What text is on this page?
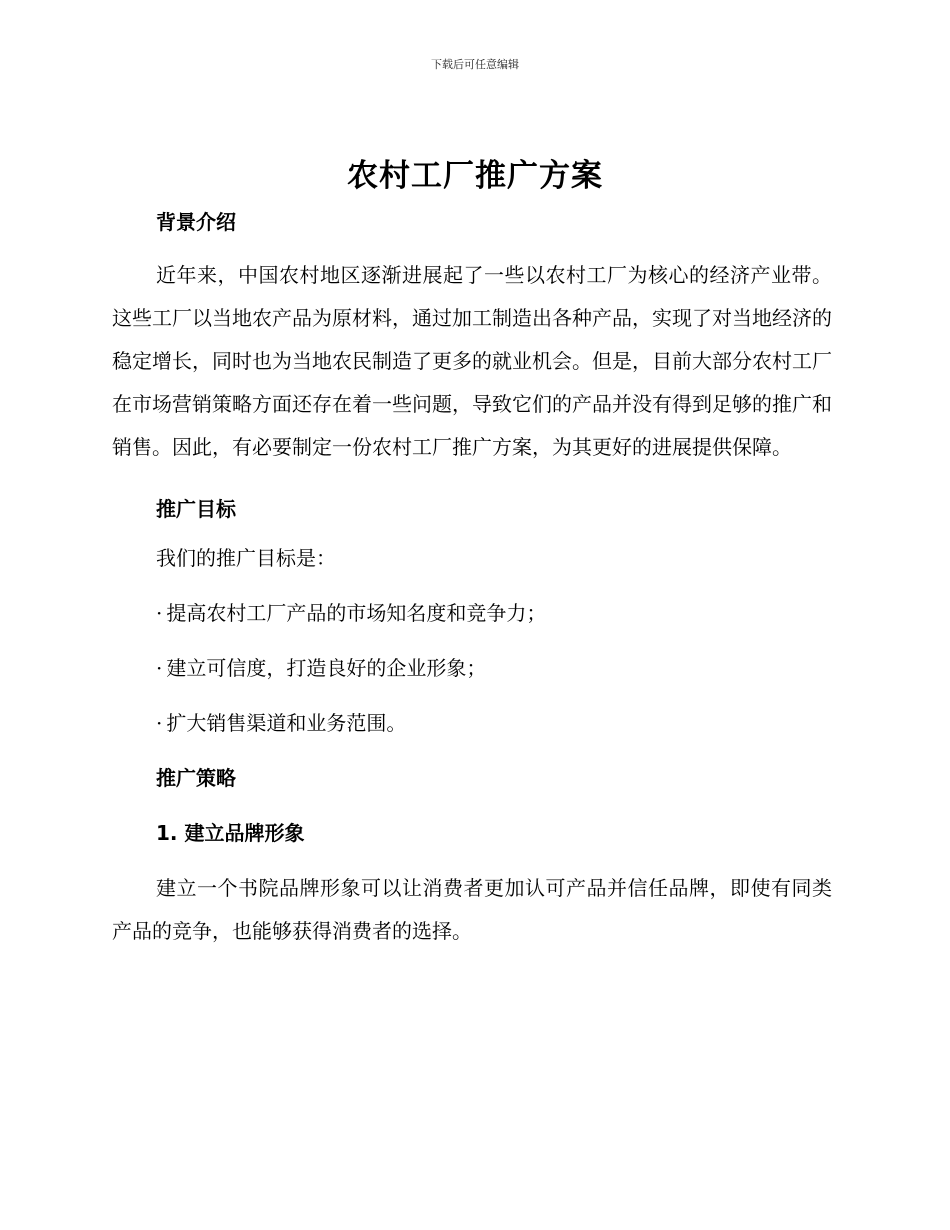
下载后可任意编辑
农村工厂推广方案
背景介绍

近年来，中国农村地区逐渐进展起了一些以农村工厂为核心的经济产业带。这些工厂以当地农产品为原材料，通过加工制造出各种产品，实现了对当地经济的稳定增长，同时也为当地农民制造了更多的就业机会。但是，目前大部分农村工厂在市场营销策略方面还存在着一些问题，导致它们的产品并没有得到足够的推广和销售。因此，有必要制定一份农村工厂推广方案，为其更好的进展提供保障。

推广目标
我们的推广目标是：
· 提高农村工厂产品的市场知名度和竞争力；
· 建立可信度，打造良好的企业形象；
· 扩大销售渠道和业务范围。
推广策略
1. 建立品牌形象

建立一个书院品牌形象可以让消费者更加认可产品并信任品牌，即使有同类产品的竞争，也能够获得消费者的选择。
